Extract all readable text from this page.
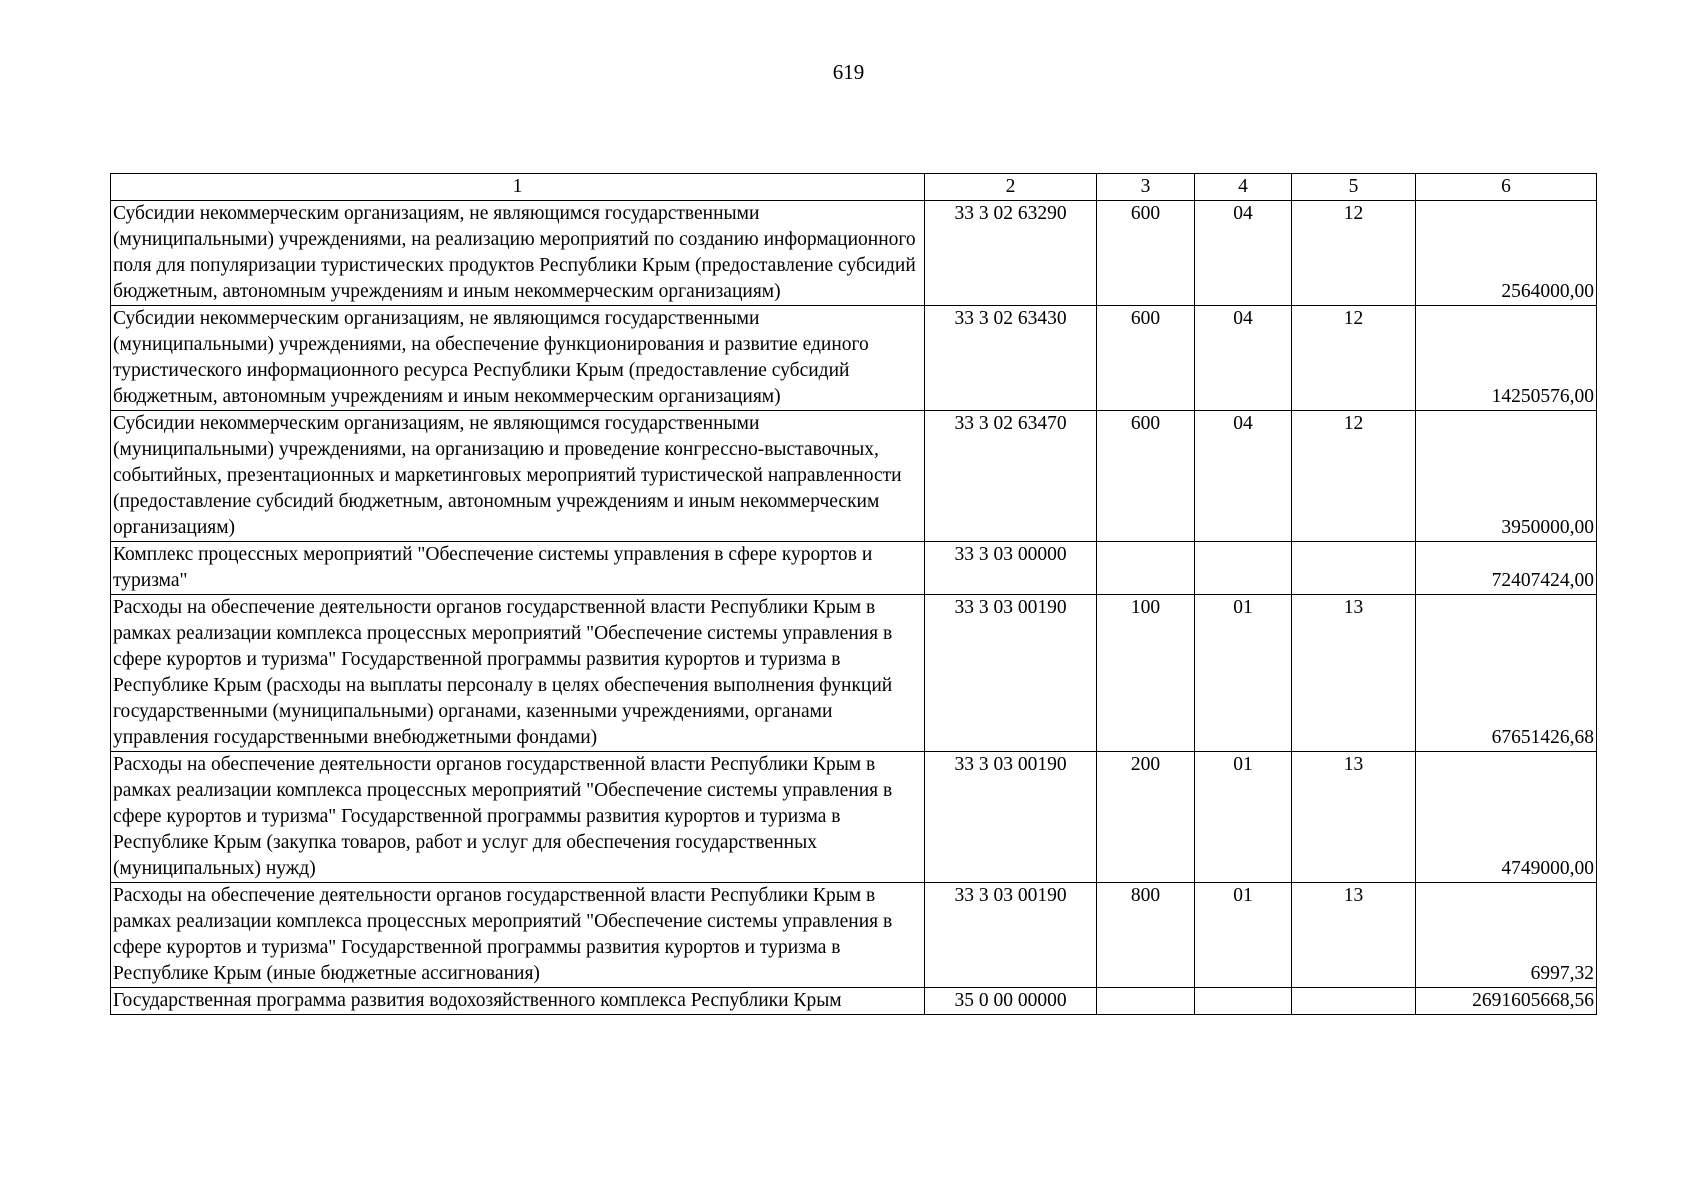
619
1	2	3	4	5	6
Субсидии некоммерческим организациям, не являющимся государственными (муниципальными) учреждениями, на реализацию мероприятий по созданию информационного поля для популяризации туристических продуктов Республики Крым (предоставление субсидий бюджетным, автономным учреждениям и иным некоммерческим организациям)	33 3 02 63290	600	04	12	2564000,00
Субсидии некоммерческим организациям, не являющимся государственными (муниципальными) учреждениями, на обеспечение функционирования и развитие единого туристического информационного ресурса Республики Крым (предоставление субсидий бюджетным, автономным учреждениям и иным некоммерческим организациям)	33 3 02 63430	600	04	12	14250576,00
Субсидии некоммерческим организациям, не являющимся государственными (муниципальными) учреждениями, на организацию и проведение конгрессно-выставочных, событийных, презентационных и маркетинговых мероприятий туристической направленности (предоставление субсидий бюджетным, автономным учреждениям и иным некоммерческим организациям)	33 3 02 63470	600	04	12	3950000,00
Комплекс процессных мероприятий "Обеспечение системы управления в сфере курортов и туризма"	33 3 03 00000				72407424,00
Расходы на обеспечение деятельности органов государственной власти Республики Крым в рамках реализации комплекса процессных мероприятий "Обеспечение системы управления в сфере курортов и туризма" Государственной программы развития курортов и туризма в Республике Крым (расходы на выплаты персоналу в целях обеспечения выполнения функций государственными (муниципальными) органами, казенными учреждениями, органами управления государственными внебюджетными фондами)	33 3 03 00190	100	01	13	67651426,68
Расходы на обеспечение деятельности органов государственной власти Республики Крым в рамках реализации комплекса процессных мероприятий "Обеспечение системы управления в сфере курортов и туризма" Государственной программы развития курортов и туризма в Республике Крым (закупка товаров, работ и услуг для обеспечения государственных (муниципальных) нужд)	33 3 03 00190	200	01	13	4749000,00
Расходы на обеспечение деятельности органов государственной власти Республики Крым в рамках реализации комплекса процессных мероприятий "Обеспечение системы управления в сфере курортов и туризма" Государственной программы развития курортов и туризма в Республике Крым (иные бюджетные ассигнования)	33 3 03 00190	800	01	13	6997,32
Государственная программа развития водохозяйственного комплекса Республики Крым	35 0 00 00000				2691605668,56
